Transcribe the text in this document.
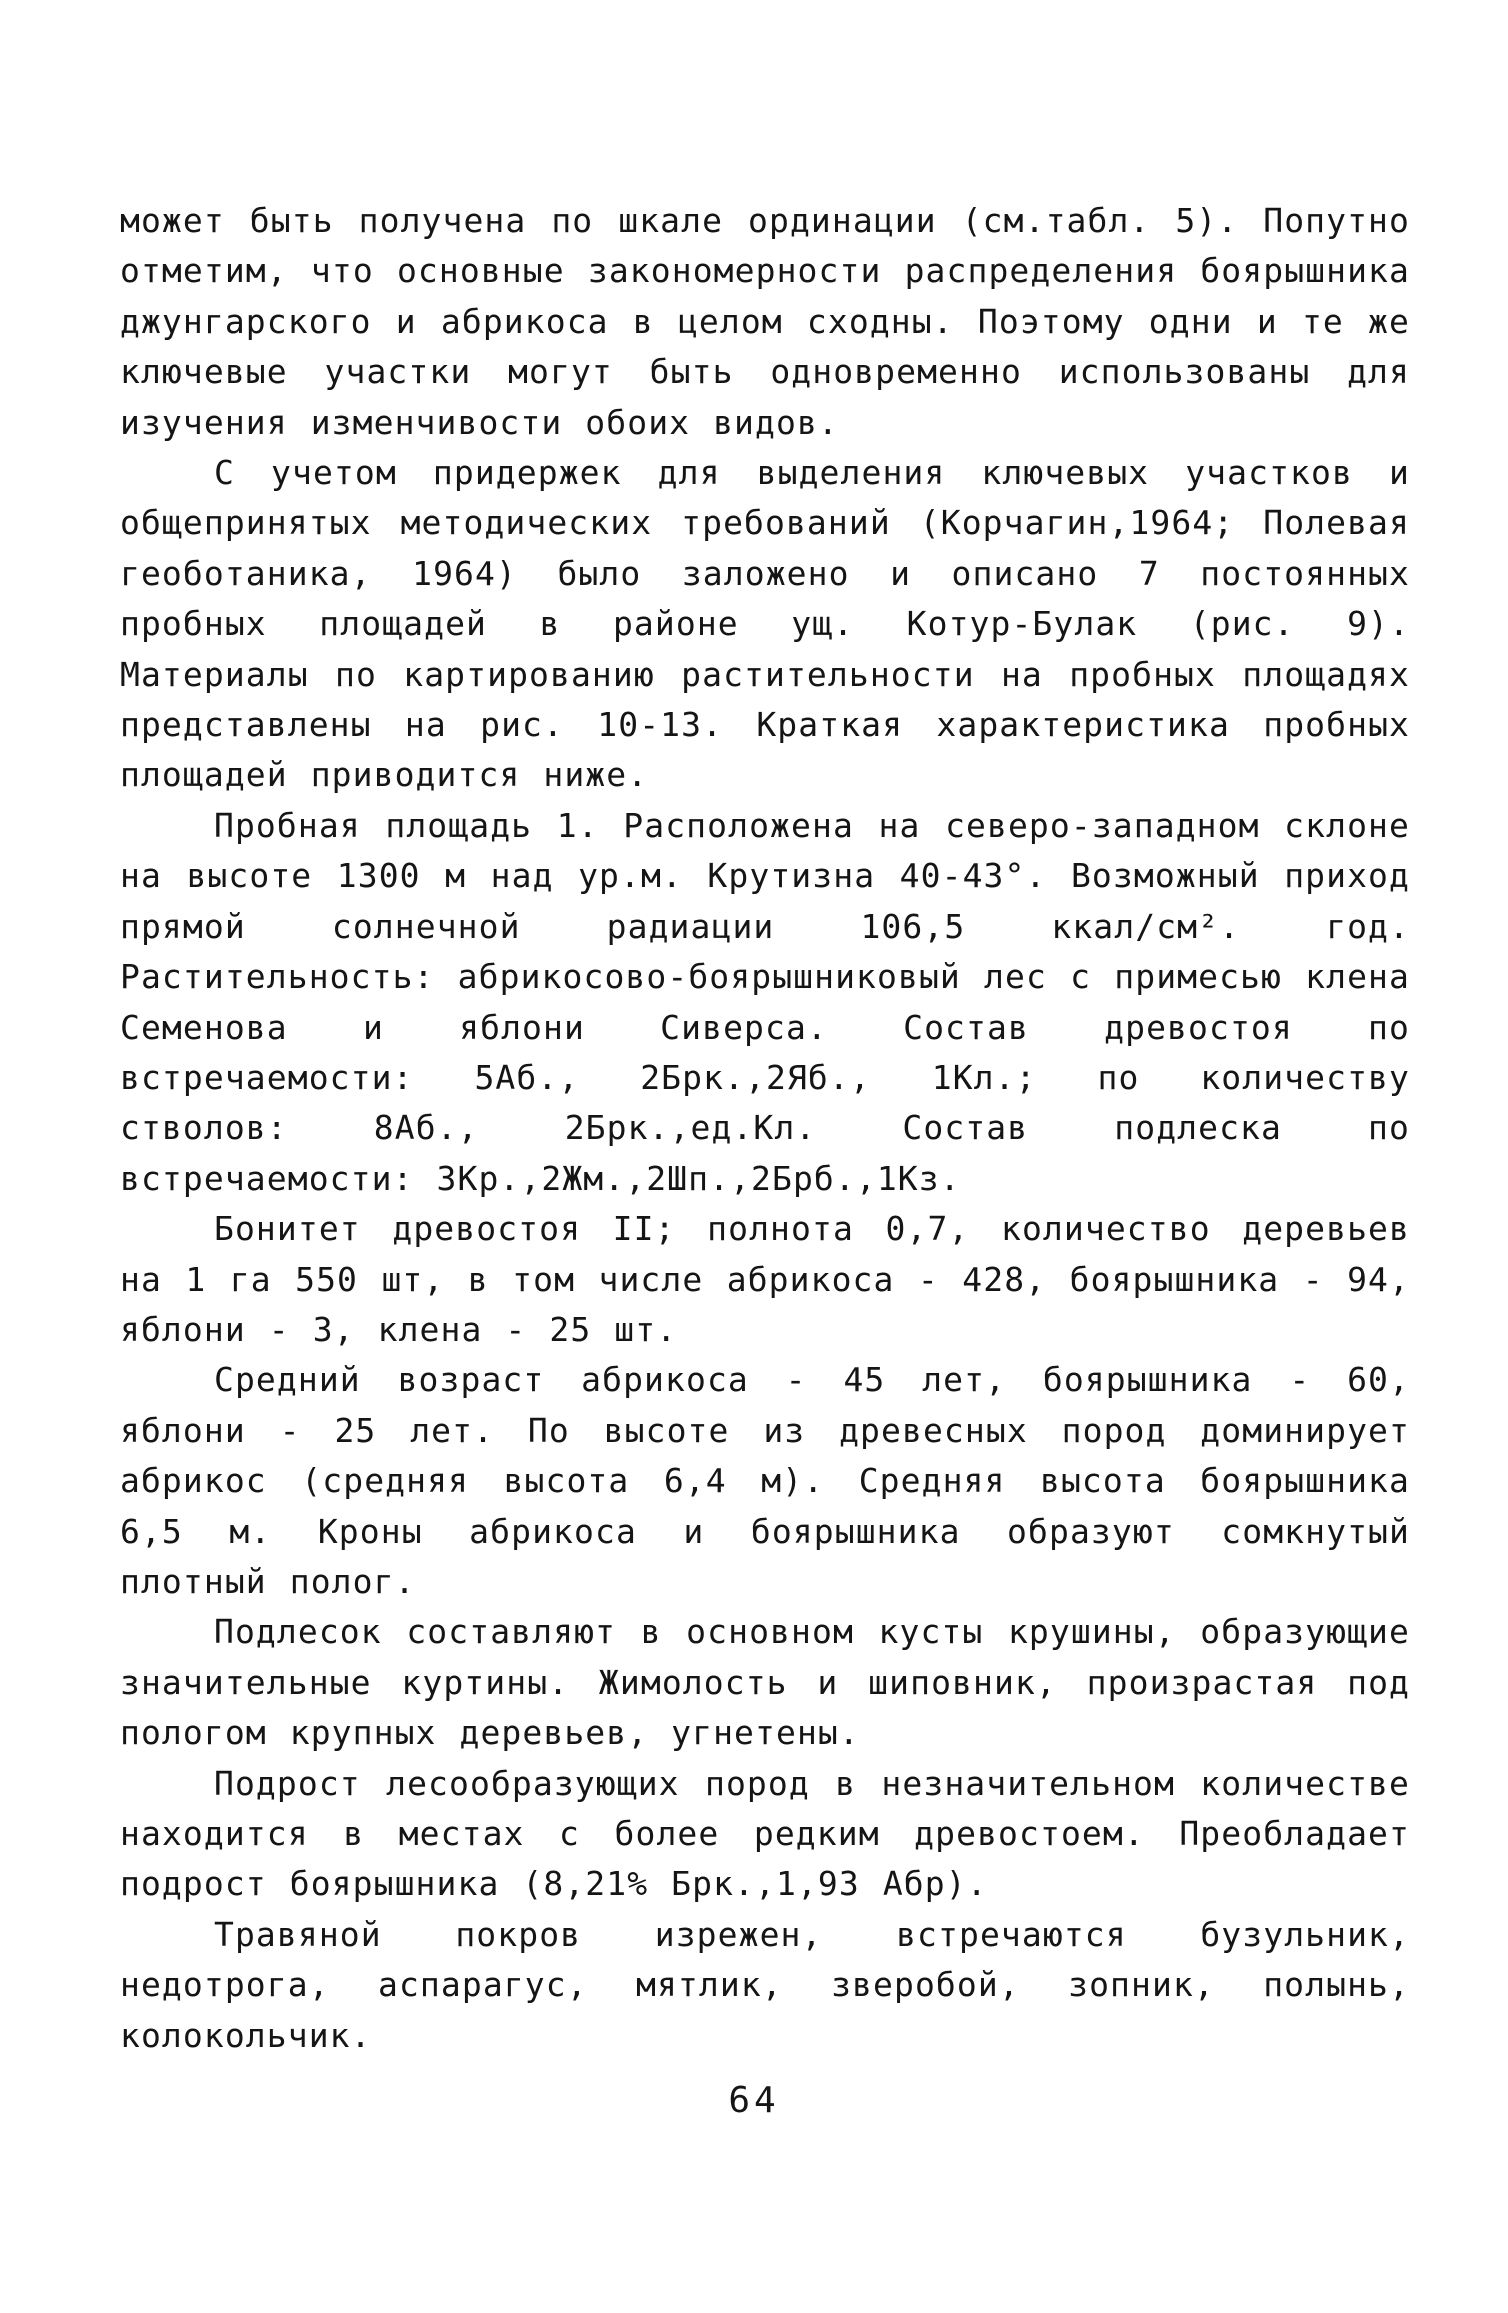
может быть получена по шкале ординации (см.табл. 5). Попутно отметим, что основные закономерности распределения боярышника джунгарского и абрикоса в целом сходны. Поэтому одни и те же ключевые участки могут быть одновременно использованы для изучения изменчивости обоих видов.

С учетом придержек для выделения ключевых участков и общепринятых методических требований (Корчагин,1964; Полевая геоботаника, 1964) было заложено и описано 7 постоянных пробных площадей в районе ущ. Котур-Булак (рис. 9). Материалы по картированию растительности на пробных площадях представлены на рис. 10-13. Краткая характеристика пробных площадей приводится ниже.

Пробная площадь 1. Расположена на северо-западном склоне на высоте 1300 м над ур.м. Крутизна 40-43°. Возможный приход прямой солнечной радиации 106,5 ккал/см². год. Растительность: абрикосово-боярышниковый лес с примесью клена Семенова и яблони Сиверса. Состав древостоя по встречаемости: 5Аб., 2Брк.,2Яб., 1Кл.; по количеству стволов: 8Аб., 2Брк.,ед.Кл. Состав подлеска по встречаемости: 3Кр.,2Жм.,2Шп.,2Брб.,1Кз.

Бонитет древостоя II; полнота 0,7, количество деревьев на 1 га 550 шт, в том числе абрикоса - 428, боярышника - 94, яблони - 3, клена - 25 шт.

Средний возраст абрикоса - 45 лет, боярышника - 60, яблони - 25 лет. По высоте из древесных пород доминирует абрикос (средняя высота 6,4 м). Средняя высота боярышника 6,5 м. Кроны абрикоса и боярышника образуют сомкнутый плотный полог.

Подлесок составляют в основном кусты крушины, образующие значительные куртины. Жимолость и шиповник, произрастая под пологом крупных деревьев, угнетены.

Подрост лесообразующих пород в незначительном количестве находится в местах с более редким древостоем. Преобладает подрост боярышника (8,21% Брк.,1,93 Абр).

Травяной покров изрежен, встречаются бузульник, недотрога, аспарагус, мятлик, зверобой, зопник, полынь, колокольчик.

64
